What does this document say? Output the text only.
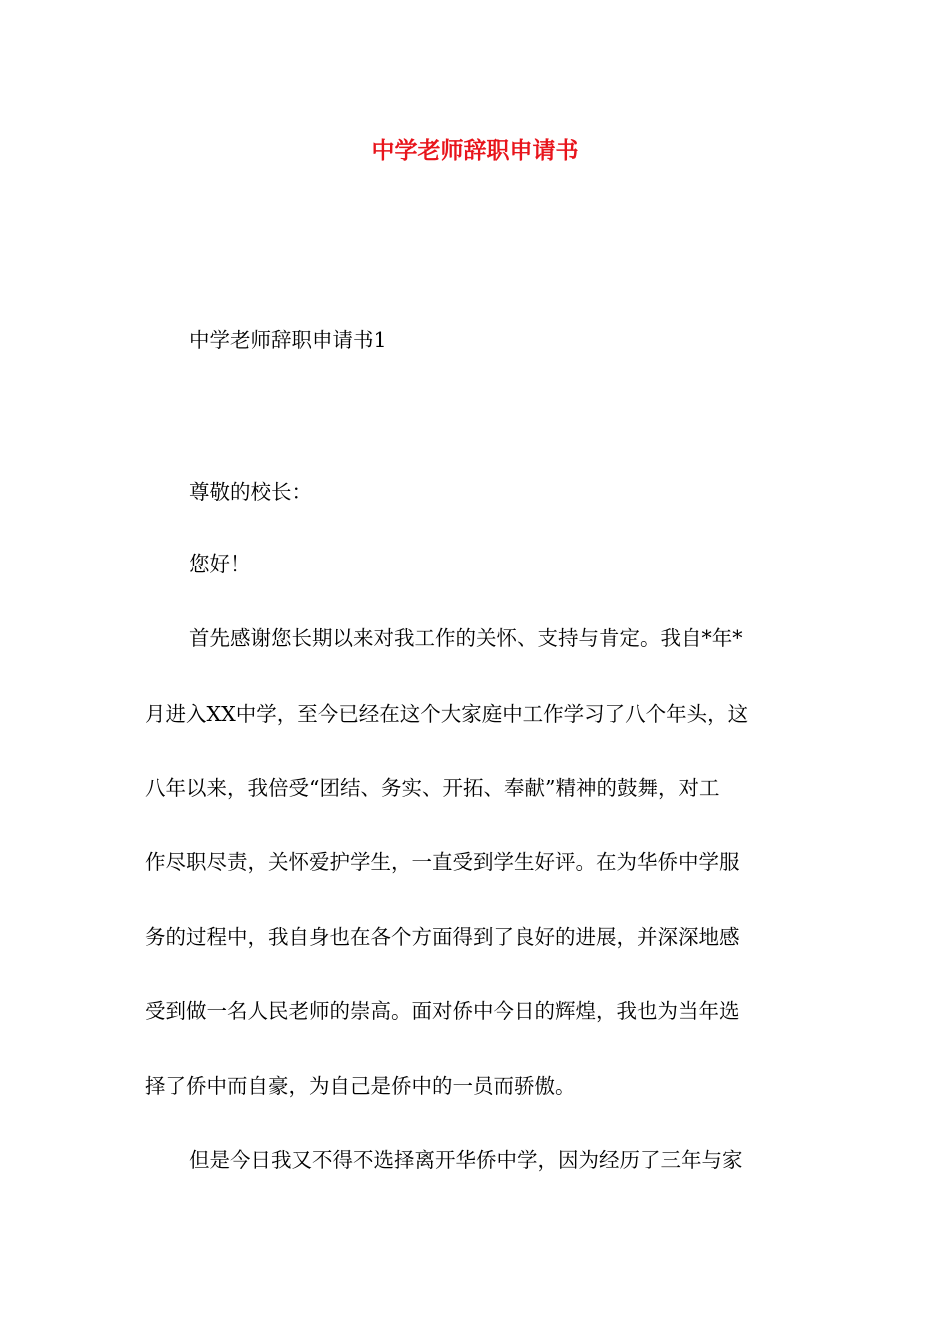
中学老师辞职申请书

中学老师辞职申请书1

尊敬的校长：

您好！

首先感谢您长期以来对我工作的关怀、支持与肯定。我自*年*

月进入XX中学，至今已经在这个大家庭中工作学习了八个年头，这

八年以来，我倍受“团结、务实、开拓、奉献”精神的鼓舞，对工

作尽职尽责，关怀爱护学生，一直受到学生好评。在为华侨中学服

务的过程中，我自身也在各个方面得到了良好的进展，并深深地感

受到做一名人民老师的崇高。面对侨中今日的辉煌，我也为当年选

择了侨中而自豪，为自己是侨中的一员而骄傲。

但是今日我又不得不选择离开华侨中学，因为经历了三年与家
